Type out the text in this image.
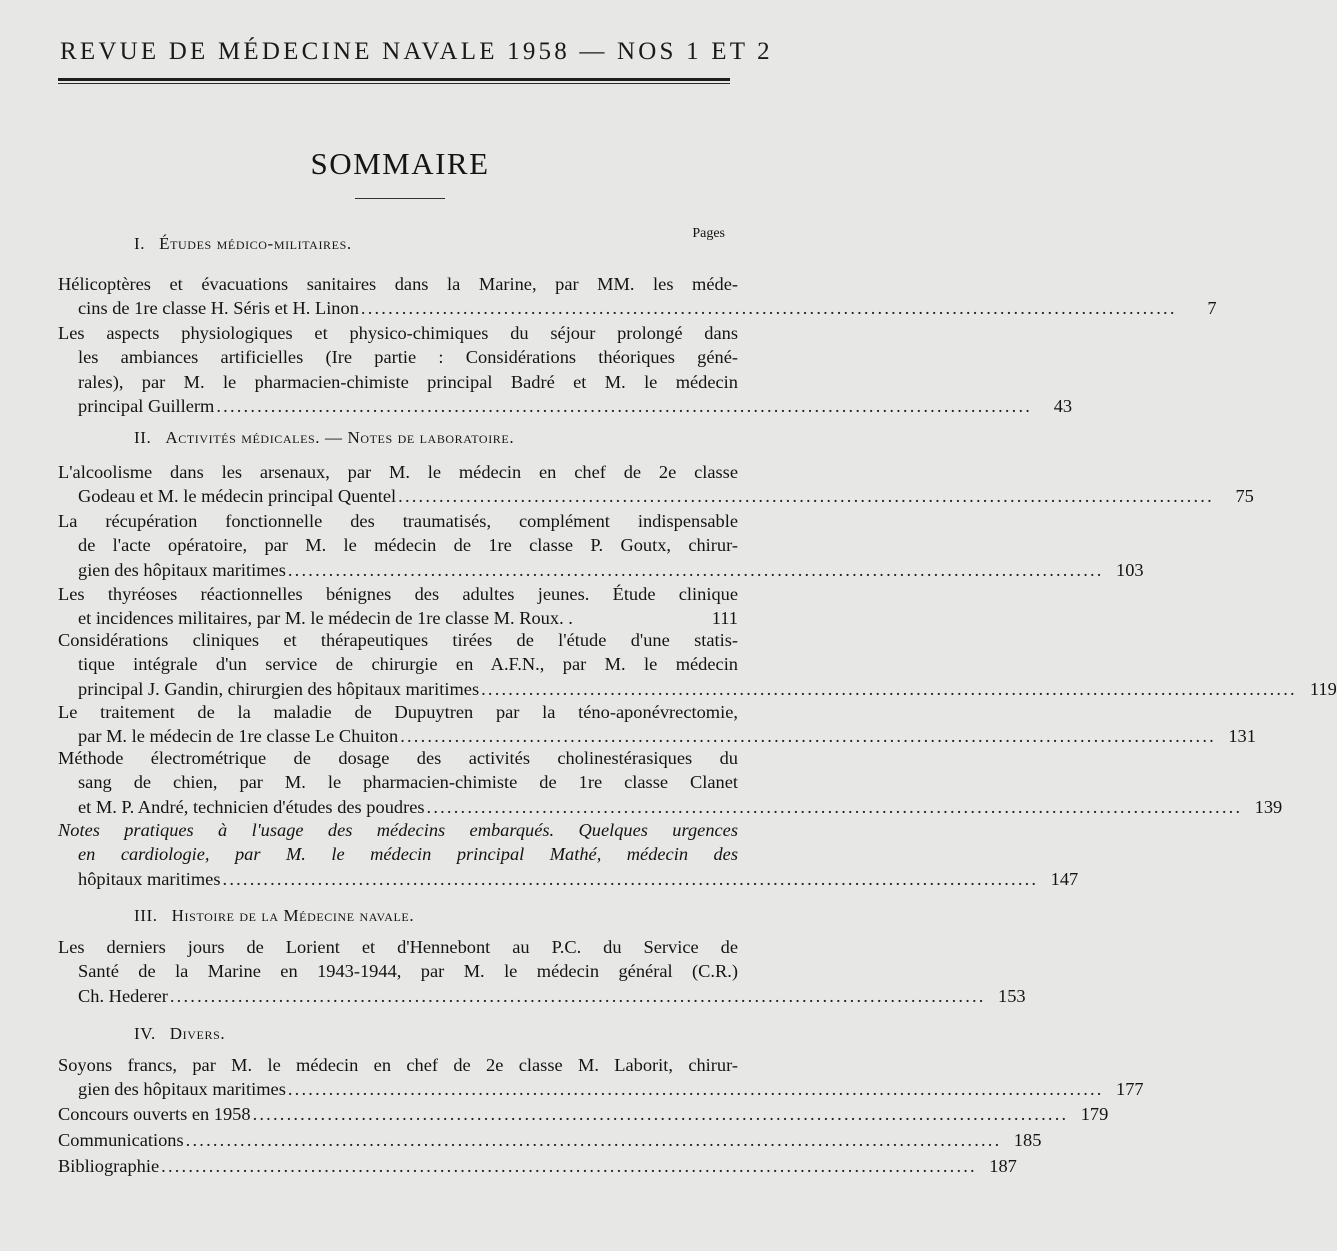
REVUE DE MÉDECINE NAVALE 1958 — NOS 1 ET 2
SOMMAIRE
Pages
I. Études médico-militaires.
Hélicoptères et évacuations sanitaires dans la Marine, par MM. les méde-
cins de 1re classe H. Séris et H. Linon ........................................................................................................................	7
Les aspects physiologiques et physico-chimiques du séjour prolongé dans
les ambiances artificielles (Ire partie : Considérations théoriques géné-
rales), par M. le pharmacien-chimiste principal Badré et M. le médecin
principal Guillerm ........................................................................................................................	43
II. Activités médicales. — Notes de laboratoire.
L'alcoolisme dans les arsenaux, par M. le médecin en chef de 2e classe
Godeau et M. le médecin principal Quentel ........................................................................................................................	75
La récupération fonctionnelle des traumatisés, complément indispensable
de l'acte opératoire, par M. le médecin de 1re classe P. Goutx, chirur-
gien des hôpitaux maritimes ........................................................................................................................ 103
Les thyréoses réactionnelles bénignes des adultes jeunes. Étude clinique
et incidences militaires, par M. le médecin de 1re classe M. Roux. .	111
Considérations cliniques et thérapeutiques tirées de l'étude d'une statis-
tique intégrale d'un service de chirurgie en A.F.N., par M. le médecin
principal J. Gandin, chirurgien des hôpitaux maritimes ........................................................................................................................ 119
Le traitement de la maladie de Dupuytren par la téno-aponévrectomie,
par M. le médecin de 1re classe Le Chuiton ........................................................................................................................ 131
Méthode électrométrique de dosage des activités cholinestérasiques du
sang de chien, par M. le pharmacien-chimiste de 1re classe Clanet
et M. P. André, technicien d'études des poudres ........................................................................................................................ 139
Notes pratiques à l'usage des médecins embarqués. Quelques urgences
en cardiologie, par M. le médecin principal Mathé, médecin des
hôpitaux maritimes ........................................................................................................................ 147
III. Histoire de la Médecine navale.
Les derniers jours de Lorient et d'Hennebont au P.C. du Service de
Santé de la Marine en 1943-1944, par M. le médecin général (C.R.)
Ch. Hederer ........................................................................................................................ 153
IV. Divers.
Soyons francs, par M. le médecin en chef de 2e classe M. Laborit, chirur-
gien des hôpitaux maritimes ........................................................................................................................ 177
Concours ouverts en 1958 ........................................................................................................................ 179
Communications ........................................................................................................................ 185
Bibliographie ........................................................................................................................ 187
